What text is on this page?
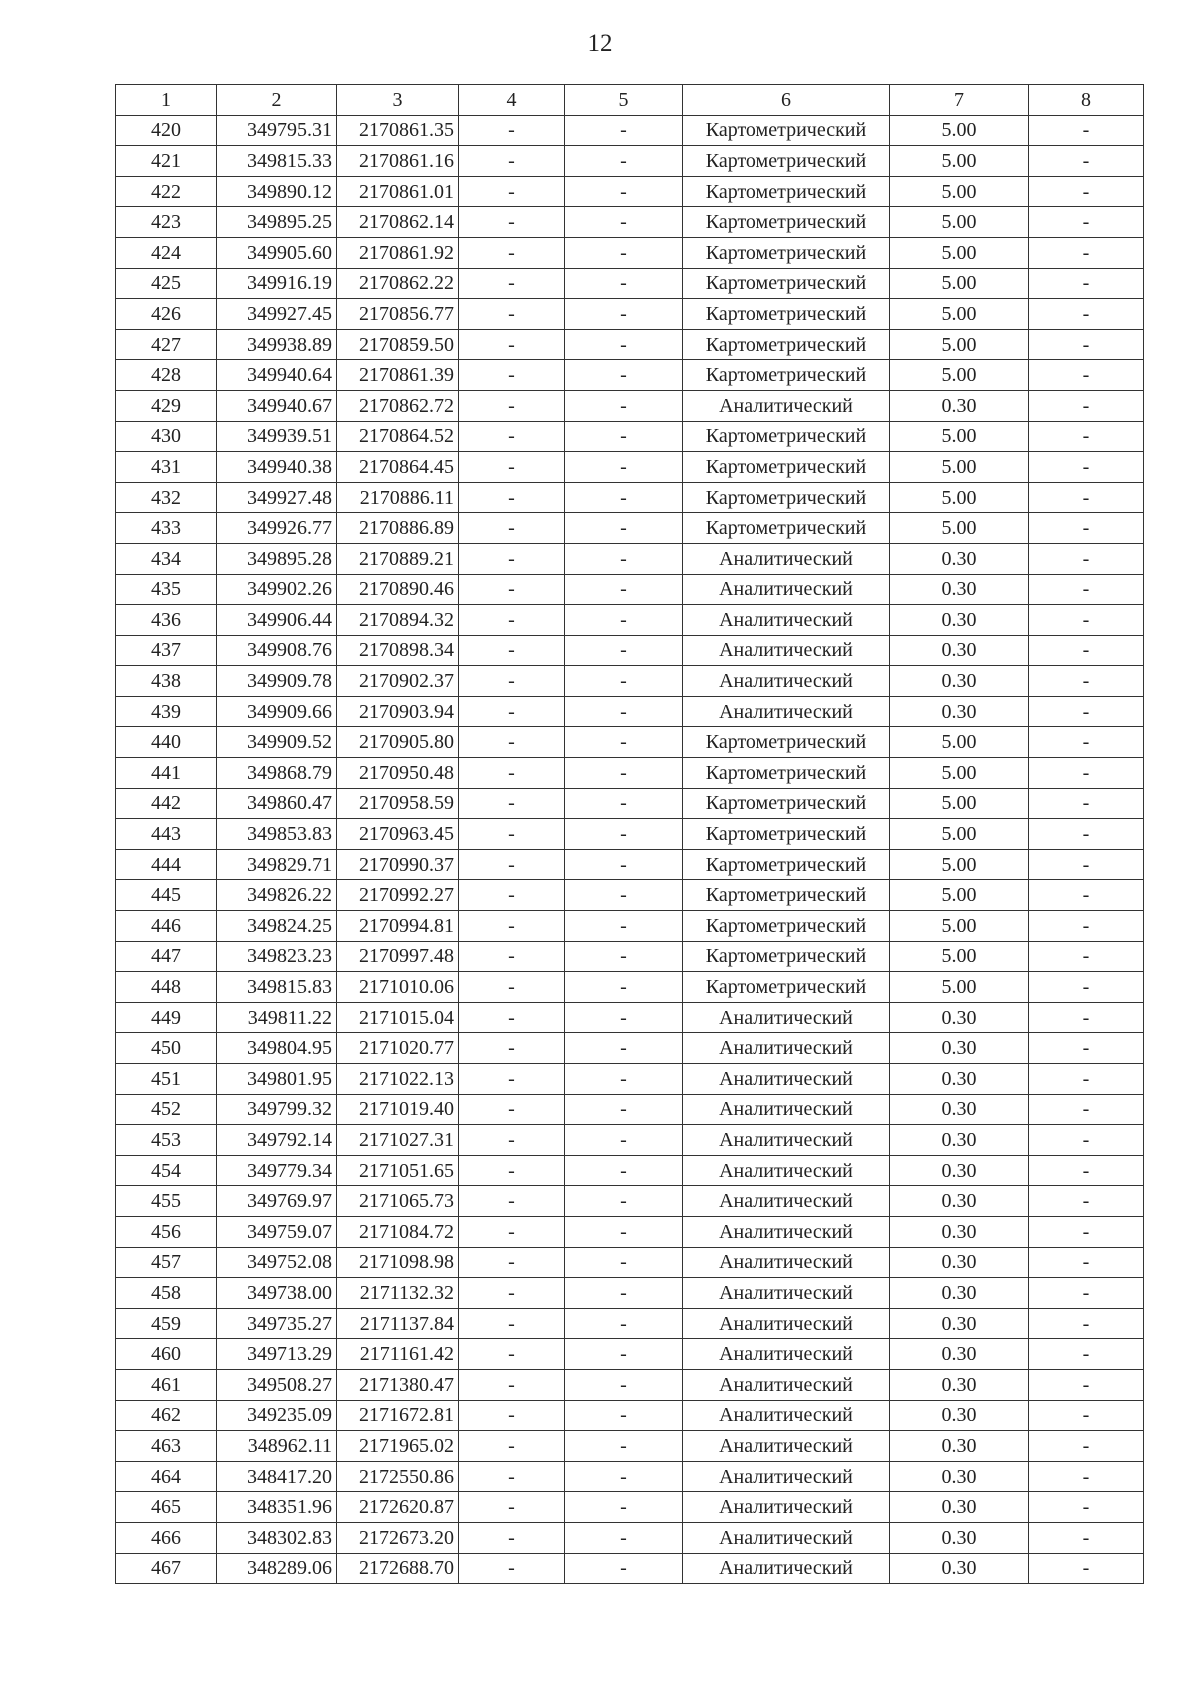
12
1	2	3	4	5	6	7	8
420	349795.31	2170861.35	-	-	Картометрический	5.00	-
421	349815.33	2170861.16	-	-	Картометрический	5.00	-
422	349890.12	2170861.01	-	-	Картометрический	5.00	-
423	349895.25	2170862.14	-	-	Картометрический	5.00	-
424	349905.60	2170861.92	-	-	Картометрический	5.00	-
425	349916.19	2170862.22	-	-	Картометрический	5.00	-
426	349927.45	2170856.77	-	-	Картометрический	5.00	-
427	349938.89	2170859.50	-	-	Картометрический	5.00	-
428	349940.64	2170861.39	-	-	Картометрический	5.00	-
429	349940.67	2170862.72	-	-	Аналитический	0.30	-
430	349939.51	2170864.52	-	-	Картометрический	5.00	-
431	349940.38	2170864.45	-	-	Картометрический	5.00	-
432	349927.48	2170886.11	-	-	Картометрический	5.00	-
433	349926.77	2170886.89	-	-	Картометрический	5.00	-
434	349895.28	2170889.21	-	-	Аналитический	0.30	-
435	349902.26	2170890.46	-	-	Аналитический	0.30	-
436	349906.44	2170894.32	-	-	Аналитический	0.30	-
437	349908.76	2170898.34	-	-	Аналитический	0.30	-
438	349909.78	2170902.37	-	-	Аналитический	0.30	-
439	349909.66	2170903.94	-	-	Аналитический	0.30	-
440	349909.52	2170905.80	-	-	Картометрический	5.00	-
441	349868.79	2170950.48	-	-	Картометрический	5.00	-
442	349860.47	2170958.59	-	-	Картометрический	5.00	-
443	349853.83	2170963.45	-	-	Картометрический	5.00	-
444	349829.71	2170990.37	-	-	Картометрический	5.00	-
445	349826.22	2170992.27	-	-	Картометрический	5.00	-
446	349824.25	2170994.81	-	-	Картометрический	5.00	-
447	349823.23	2170997.48	-	-	Картометрический	5.00	-
448	349815.83	2171010.06	-	-	Картометрический	5.00	-
449	349811.22	2171015.04	-	-	Аналитический	0.30	-
450	349804.95	2171020.77	-	-	Аналитический	0.30	-
451	349801.95	2171022.13	-	-	Аналитический	0.30	-
452	349799.32	2171019.40	-	-	Аналитический	0.30	-
453	349792.14	2171027.31	-	-	Аналитический	0.30	-
454	349779.34	2171051.65	-	-	Аналитический	0.30	-
455	349769.97	2171065.73	-	-	Аналитический	0.30	-
456	349759.07	2171084.72	-	-	Аналитический	0.30	-
457	349752.08	2171098.98	-	-	Аналитический	0.30	-
458	349738.00	2171132.32	-	-	Аналитический	0.30	-
459	349735.27	2171137.84	-	-	Аналитический	0.30	-
460	349713.29	2171161.42	-	-	Аналитический	0.30	-
461	349508.27	2171380.47	-	-	Аналитический	0.30	-
462	349235.09	2171672.81	-	-	Аналитический	0.30	-
463	348962.11	2171965.02	-	-	Аналитический	0.30	-
464	348417.20	2172550.86	-	-	Аналитический	0.30	-
465	348351.96	2172620.87	-	-	Аналитический	0.30	-
466	348302.83	2172673.20	-	-	Аналитический	0.30	-
467	348289.06	2172688.70	-	-	Аналитический	0.30	-
